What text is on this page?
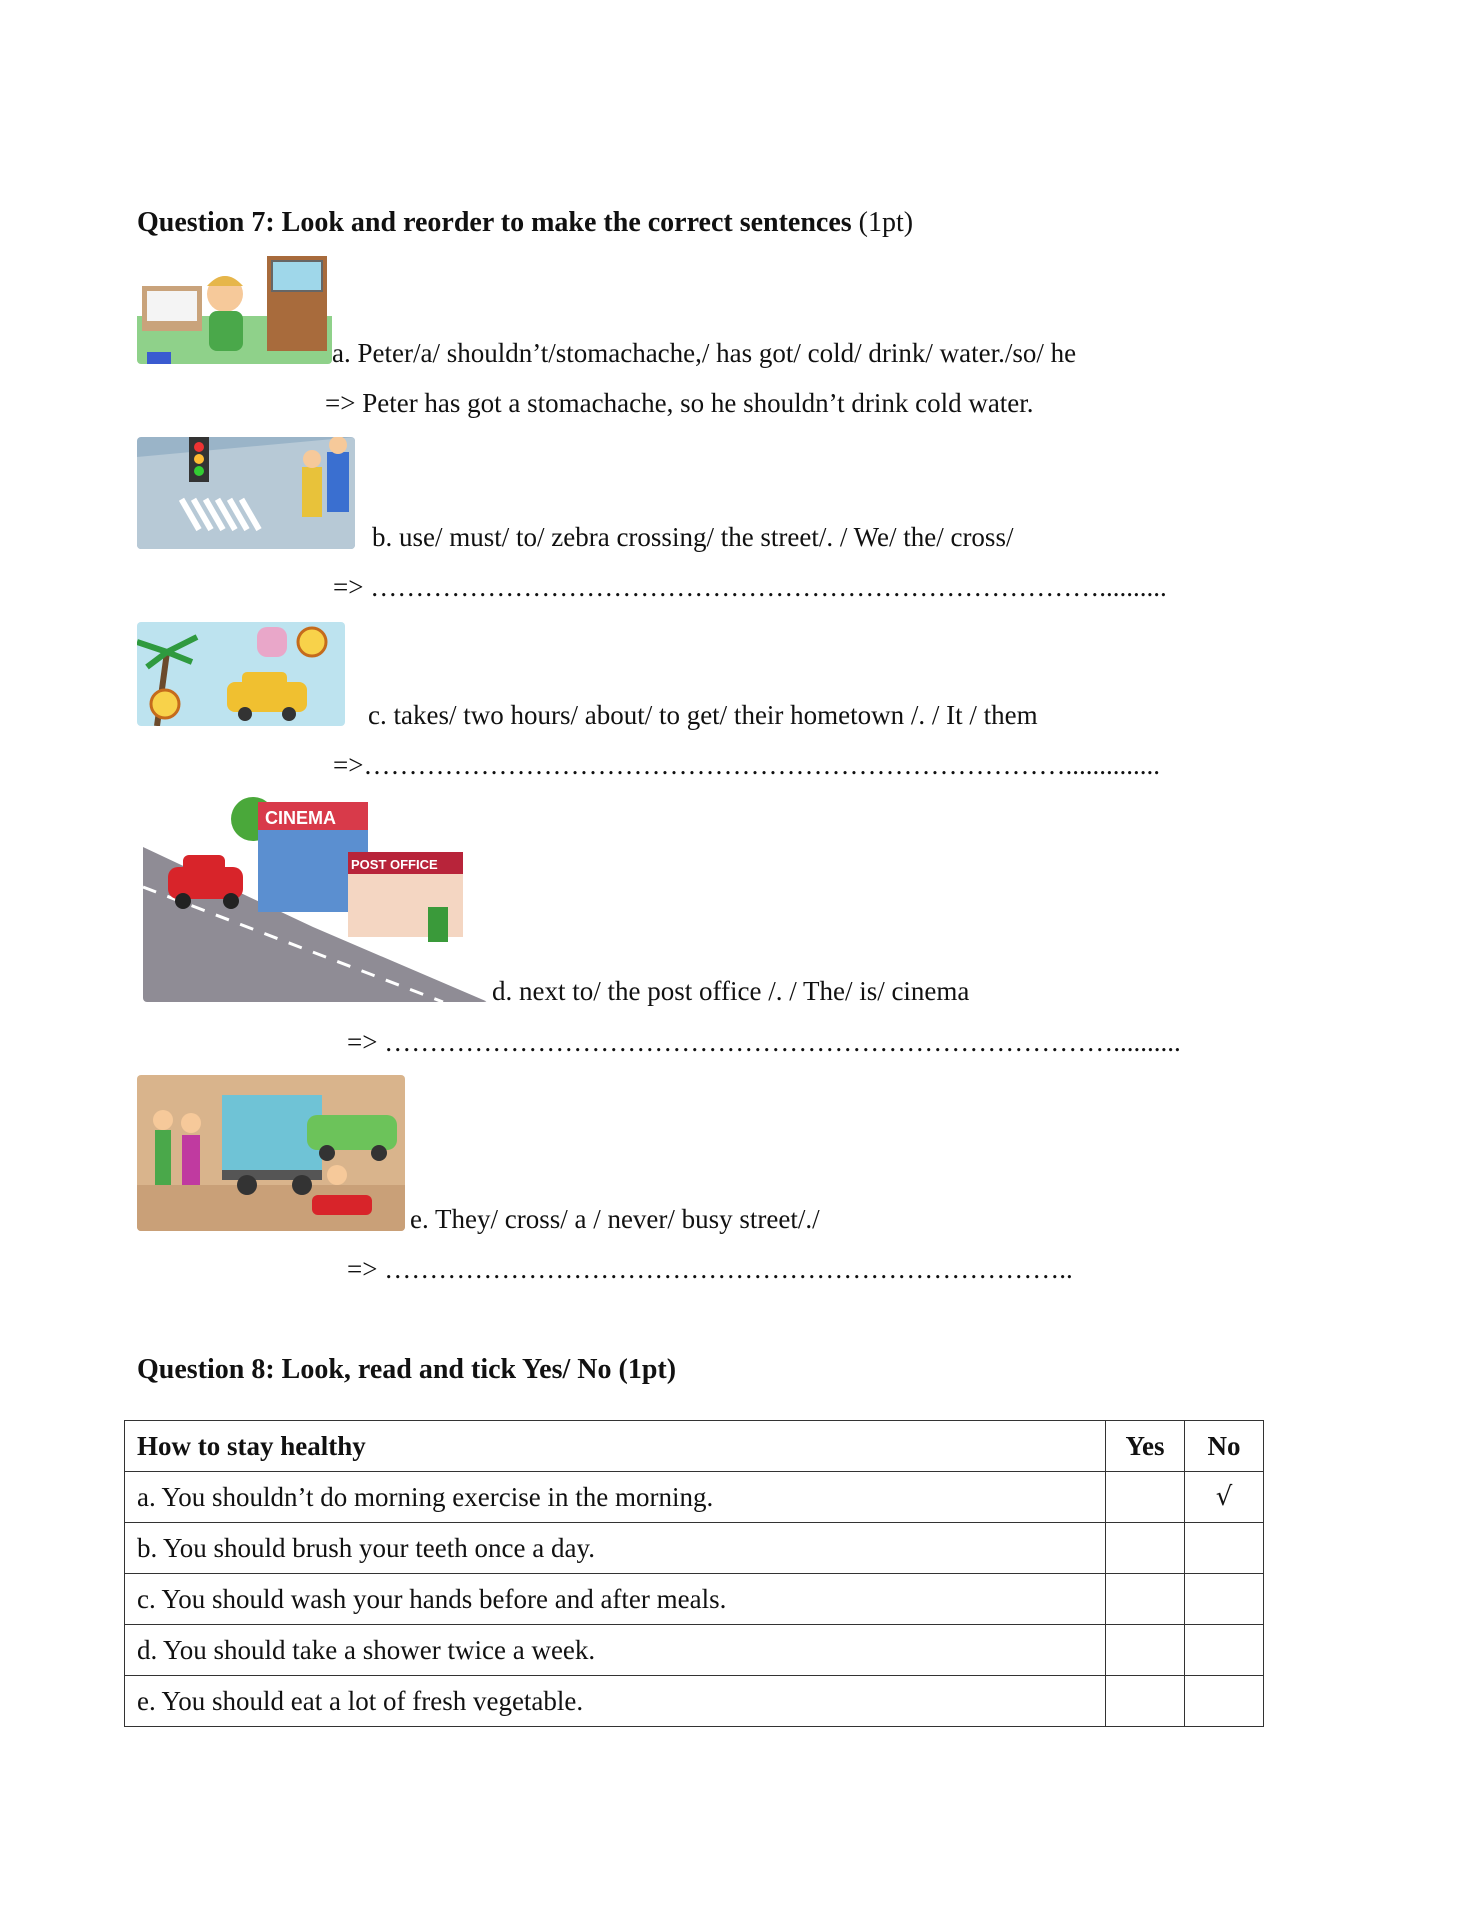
Question 7: Look and reorder to make the correct sentences (1pt)
a. Peter/a/ shouldn’t/stomachache,/ has got/ cold/ drink/ water./so/ he
=> Peter has got a stomachache, so he shouldn’t drink cold water.
b. use/ must/ to/ zebra crossing/ the street/. / We/ the/ cross/
=> ………………………………………………………………………..........
c. takes/ two hours/ about/ to get/ their hometown /. / It / them
=>……………………………………………………………………..............
CINEMA
POST OFFICE
d. next to/ the post office /. / The/ is/ cinema
=> ………………………………………………………………………..........
e. They/ cross/ a / never/ busy street/./
=> …………………………………………………………………..
Question 8: Look, read and tick Yes/ No (1pt)
How to stay healthy	Yes	No
a. You shouldn’t do morning exercise in the morning.		√
b. You should brush your teeth once a day.		
c. You should wash your hands before and after meals.		
d. You should take a shower twice a week.		
e. You should eat a lot of fresh vegetable.		
